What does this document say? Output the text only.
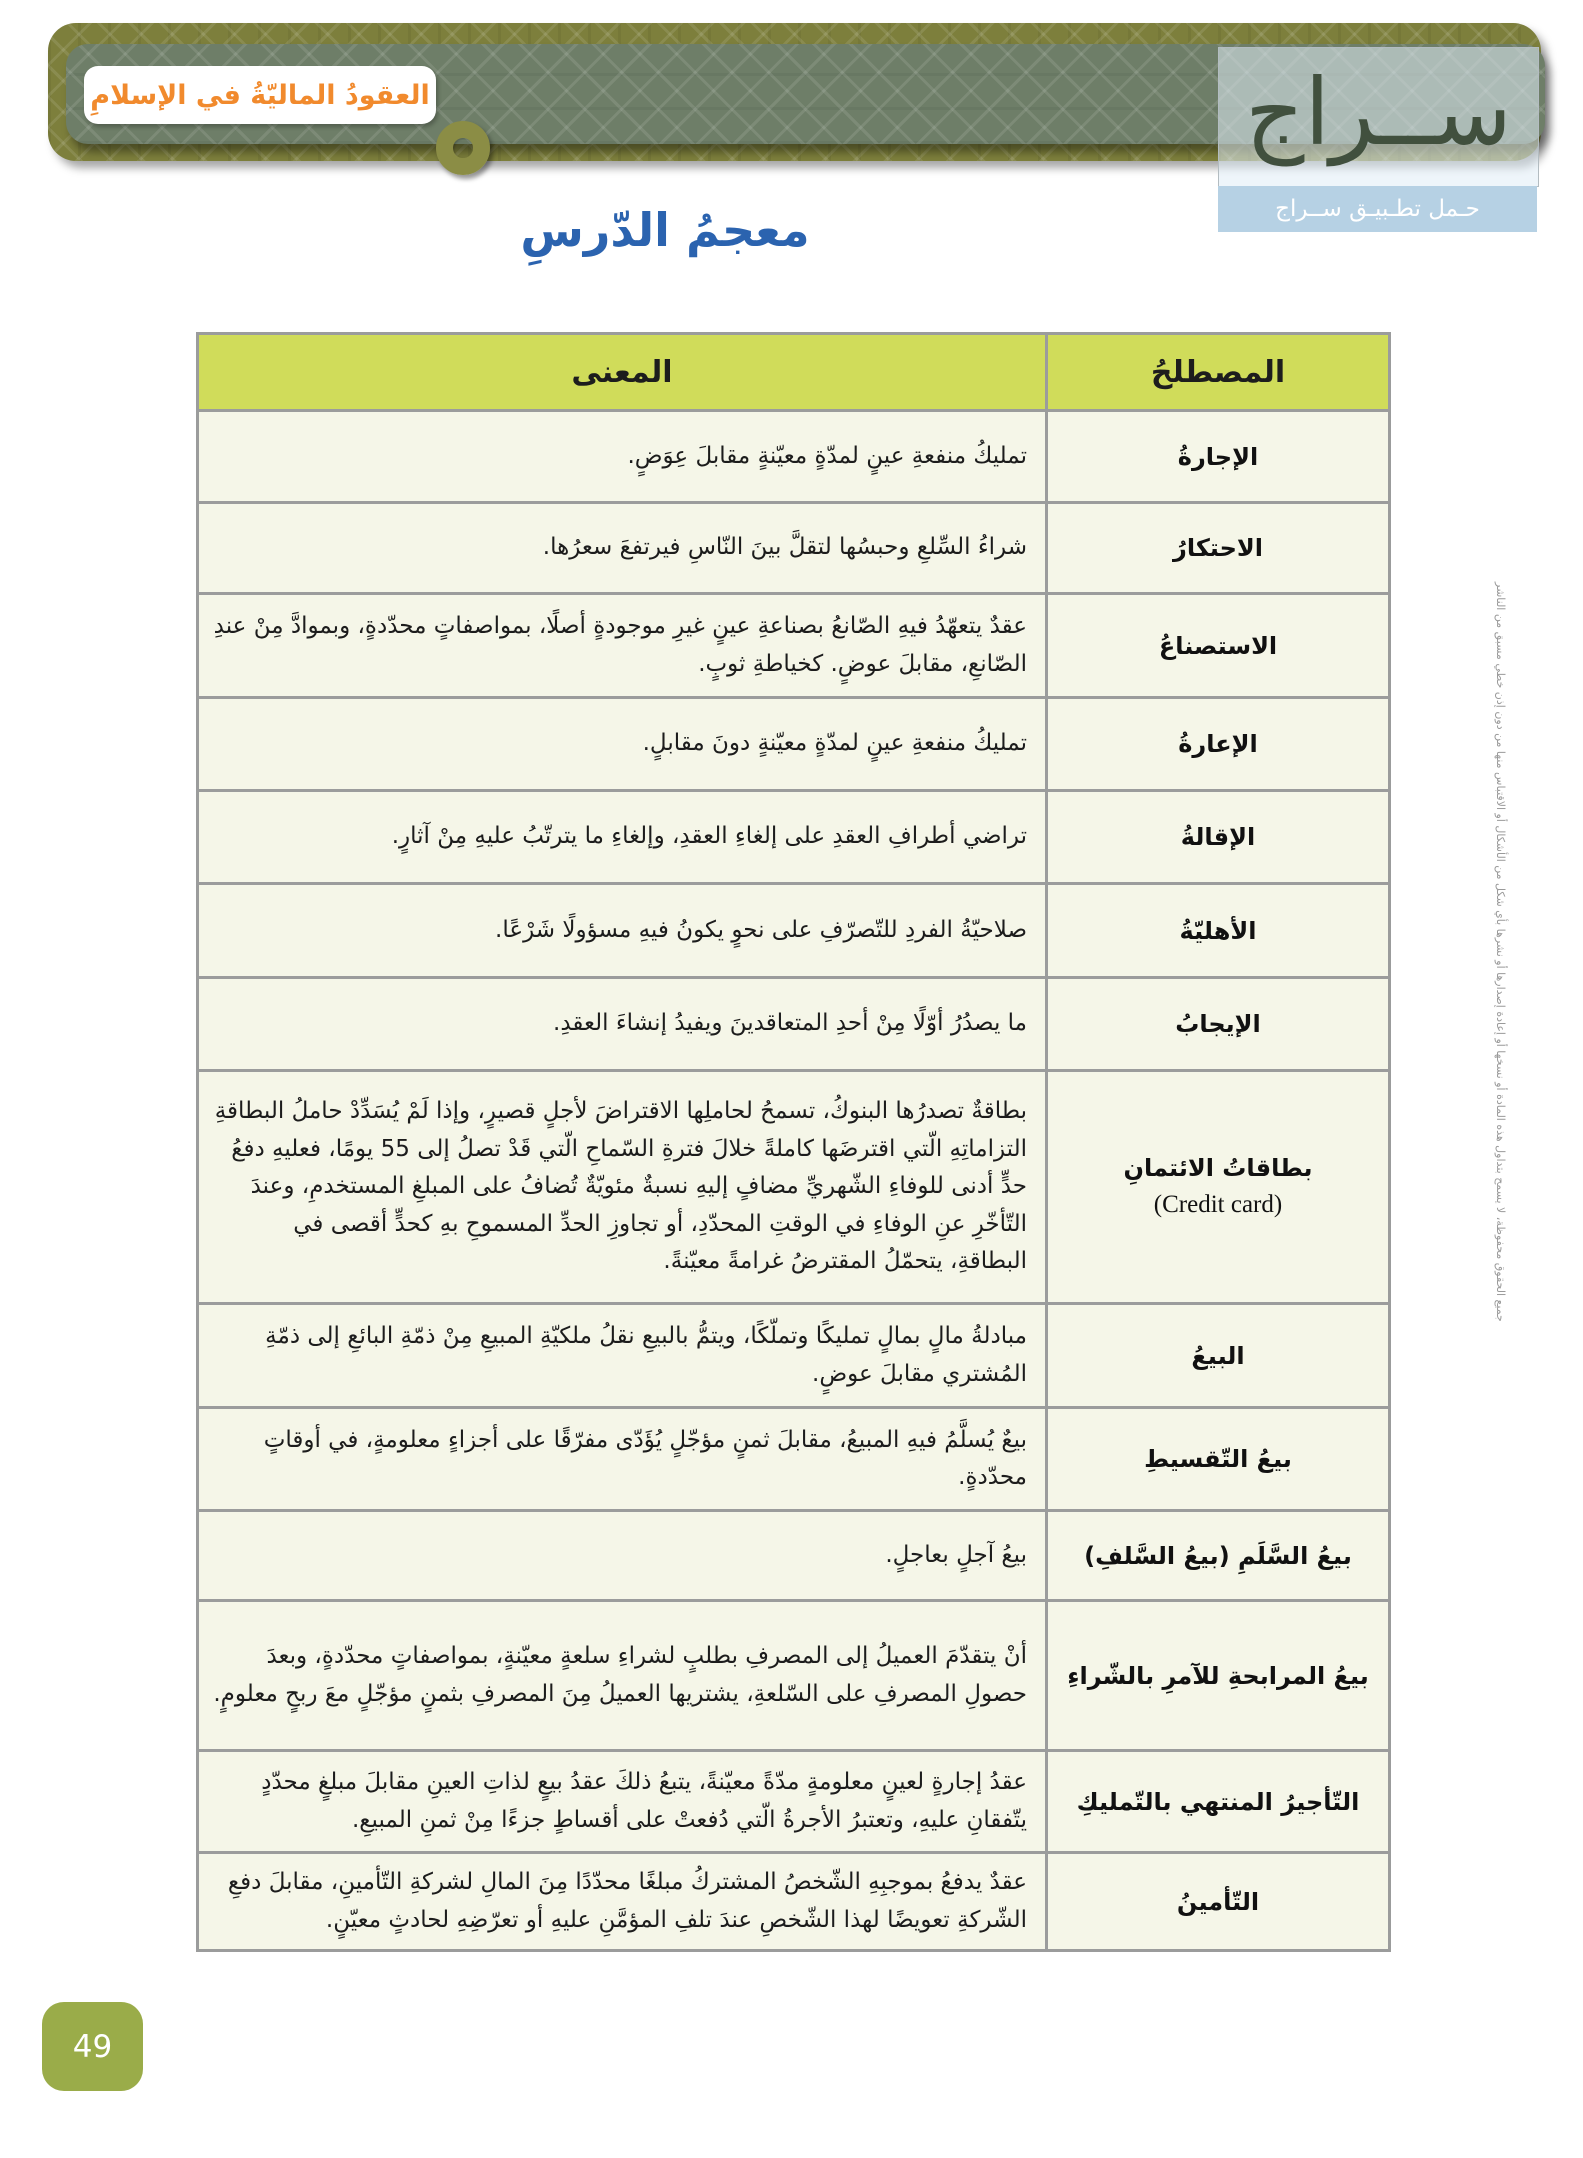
العقودُ الماليّةُ في الإسلامِ	ســراج
حـمل تطـبيـق ســراج
معجمُ الدّرسِ
المصطلحُ	المعنى

الإجارةُ	تمليكُ منفعةِ عينٍ لمدّةٍ معيّنةٍ مقابلَ عِوَضٍ.

الاحتكارُ	شراءُ السِّلعِ وحبسُها لتقلَّ بينَ النّاسِ فيرتفعَ سعرُها.

الاستصناعُ	عقدٌ يتعهّدُ فيهِ الصّانعُ بصناعةِ عينٍ غيرِ موجودةٍ أصلًا، بمواصفاتٍ محدّدةٍ، وبموادَّ مِنْ عندِ الصّانعِ، مقابلَ عوضٍ. كخياطةِ ثوبٍ.

الإعارةُ	تمليكُ منفعةِ عينٍ لمدّةٍ معيّنةٍ دونَ مقابلٍ.

الإقالةُ	تراضي أطرافِ العقدِ على إلغاءِ العقدِ، وإلغاءِ ما يترتّبُ عليهِ مِنْ آثارٍ.

الأهليّةُ	صلاحيّةُ الفردِ للتّصرّفِ على نحوٍ يكونُ فيهِ مسؤولًا شَرْعًا.

الإيجابُ	ما يصدُرُ أوّلًا مِنْ أحدِ المتعاقدينَ ويفيدُ إنشاءَ العقدِ.

بطاقاتُ الائتمانِ
(Credit card)	بطاقةٌ تصدرُها البنوكُ، تسمحُ لحاملِها الاقتراضَ لأجلٍ قصيرٍ، وإذا لَمْ يُسَدِّدْ حاملُ البطاقةِ التزاماتِهِ الّتي اقترضَها كاملةً خلالَ فترةِ السّماحِ الّتي قَدْ تصلُ إلى 55 يومًا، فعليهِ دفعُ حدٍّ أدنى للوفاءِ الشّهريِّ مضافٍ إليهِ نسبةٌ مئويّةٌ تُضافُ على المبلغِ المستخدمِ، وعندَ التّأخّرِ عنِ الوفاءِ في الوقتِ المحدّدِ، أو تجاوزِ الحدِّ المسموحِ بهِ كحدٍّ أقصى في البطاقةِ، يتحمّلُ المقترضُ غرامةً معيّنةً.

البيعُ	مبادلةُ مالٍ بمالٍ تمليكًا وتملّكًا، ويتمُّ بالبيعِ نقلُ ملكيّةِ المبيعِ مِنْ ذمّةِ البائعِ إلى ذمّةِ المُشتري مقابلَ عوضٍ.

بيعُ التّقسيطِ	بيعٌ يُسلَّمُ فيهِ المبيعُ، مقابلَ ثمنٍ مؤجّلٍ يُؤَدّى مفرّقًا على أجزاءٍ معلومةٍ، في أوقاتٍ محدّدةٍ.

بيعُ السَّلَمِ (بيعُ السَّلفِ)	بيعُ آجلٍ بعاجلٍ.

بيعُ المرابحةِ للآمرِ بالشّراءِ	أنْ يتقدّمَ العميلُ إلى المصرفِ بطلبٍ لشراءِ سلعةٍ معيّنةٍ، بمواصفاتٍ محدّدةٍ، وبعدَ حصولِ المصرفِ على السّلعةِ، يشتريها العميلُ مِنَ المصرفِ بثمنٍ مؤجّلٍ معَ ربحٍ معلومٍ.

التّأجيرُ المنتهي بالتّمليكِ	عقدُ إجارةٍ لعينٍ معلومةٍ مدّةً معيّنةً، يتبعُ ذلكَ عقدُ بيعٍ لذاتِ العينِ مقابلَ مبلغٍ محدّدٍ يتّفقانِ عليهِ، وتعتبرُ الأجرةُ الّتي دُفعتْ على أقساطٍ جزءًا مِنْ ثمنِ المبيعِ.

التّأمينُ	عقدٌ يدفعُ بموجبِهِ الشّخصُ المشتركُ مبلغًا محدّدًا مِنَ المالِ لشركةِ التّأمينِ، مقابلَ دفعِ الشّركةِ تعويضًا لهذا الشّخصِ عندَ تلفِ المؤمَّنِ عليهِ أو تعرّضِهِ لحادثٍ معيّنٍ.
جميع الحقوق محفوظة، لا يسمح بتداول هذه المادة أو نسخها أو إعادة إصدارها أو نشرها بأي شكل من الأشكال أو الاقتباس منها من دون إذن خطي مسبق من الناشر
49
